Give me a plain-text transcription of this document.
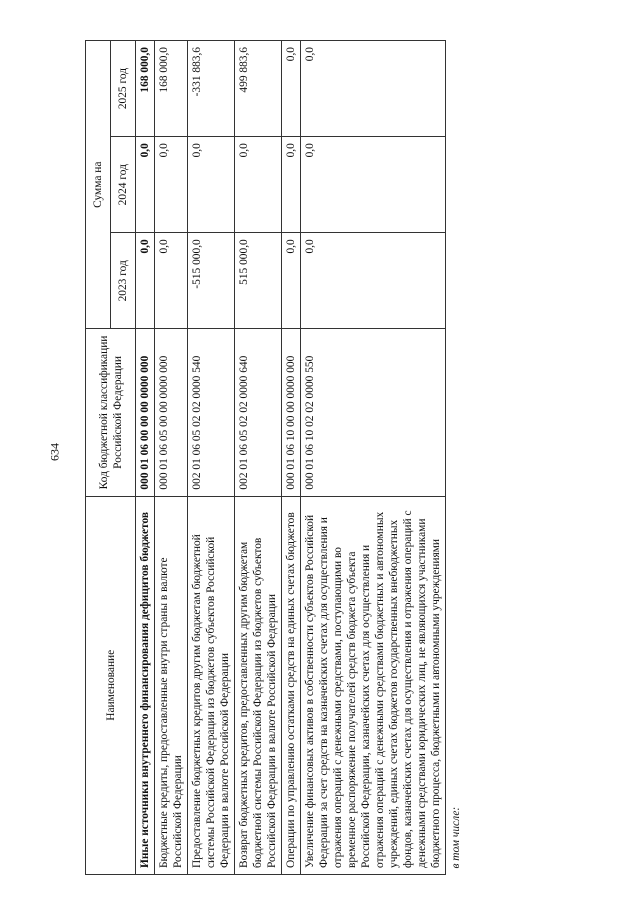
634
Наименование	Код бюджетной классификации Российской Федерации	Сумма на		
		2023 год	2024 год	2025 год
Иные источники внутреннего финансирования дефицитов бюджетов	000 01 06 00 00 00 0000 000	0,0	0,0	168 000,0
Бюджетные кредиты, предоставленные внутри страны в валюте Российской Федерации	000 01 06 05 00 00 0000 000	0,0	0,0	168 000,0
Предоставление бюджетных кредитов другим бюджетам бюджетной системы Российской Федерации из бюджетов субъектов Российской Федерации в валюте Российской Федерации	002 01 06 05 02 02 0000 540	-515 000,0	0,0	-331 883,6
Возврат бюджетных кредитов, предоставленных другим бюджетам бюджетной системы Российской Федерации из бюджетов субъектов Российской Федерации в валюте Российской Федерации	002 01 06 05 02 02 0000 640	515 000,0	0,0	499 883,6
Операции по управлению остатками средств на единых счетах бюджетов	000 01 06 10 00 00 0000 000	0,0	0,0	0,0
Увеличение финансовых активов в собственности субъектов Российской Федерации за счет средств на казначейских счетах для осуществления и отражения операций с денежными средствами, поступающими во временное распоряжение получателей средств бюджета субъекта Российской Федерации, казначейских счетах для осуществления и отражения операций с денежными средствами бюджетных и автономных учреждений, единых счетах бюджетов государственных внебюджетных фондов, казначейских счетах для осуществления и отражения операций с денежными средствами юридических лиц, не являющихся участниками бюджетного процесса, бюджетными и автономными учреждениями	000 01 06 10 02 02 0000 550	0,0	0,0	0,0
в том числе:				
